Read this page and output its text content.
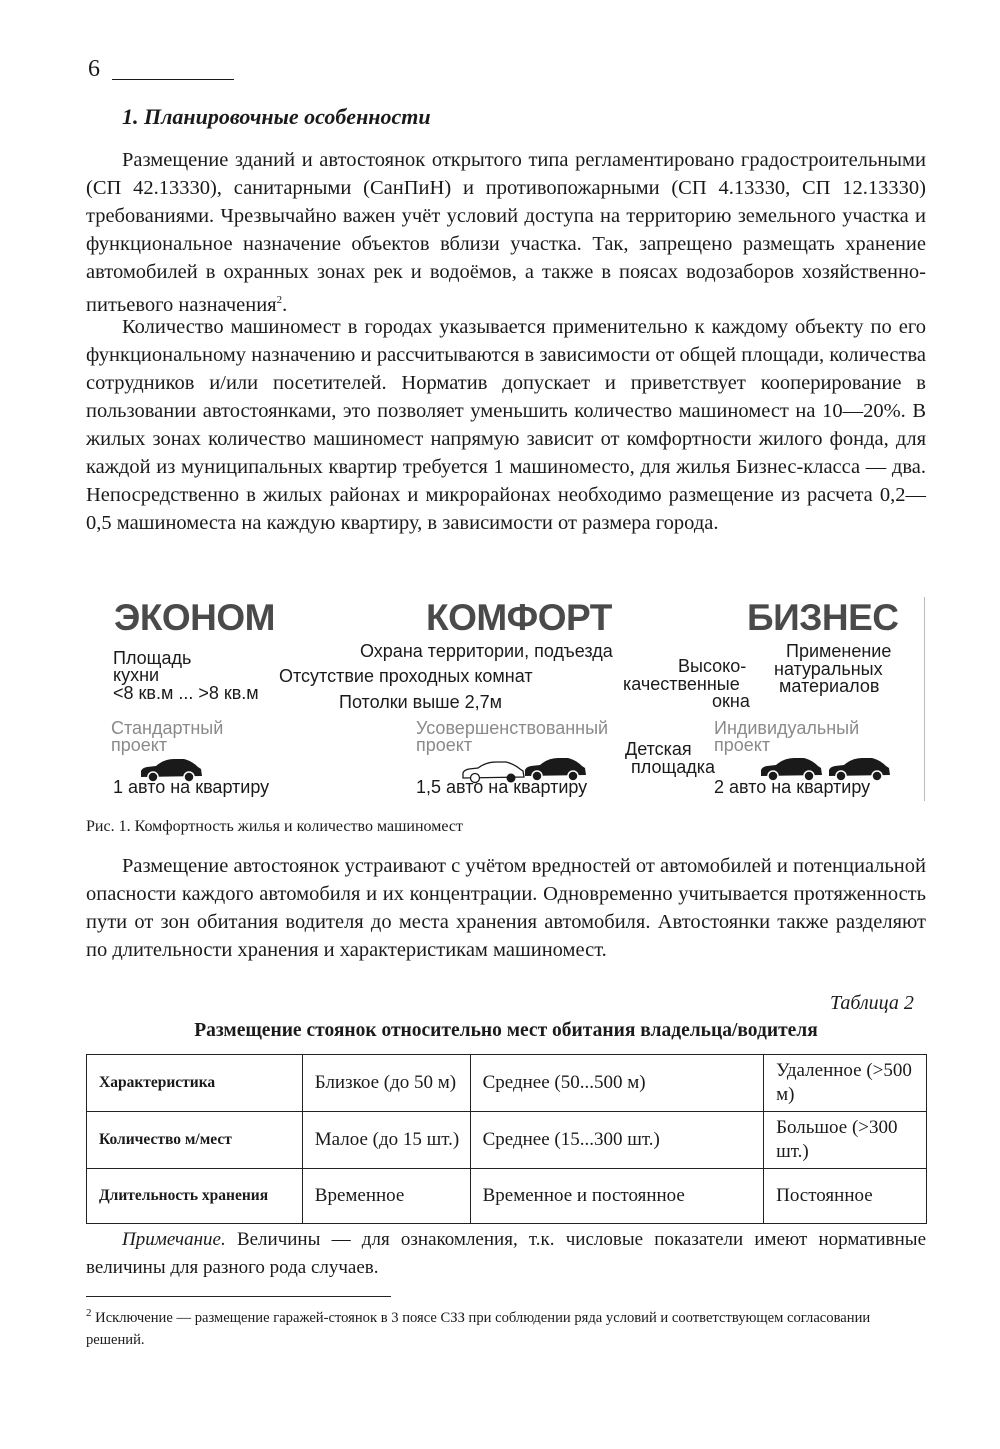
6
1. Планировочные особенности

Размещение зданий и автостоянок открытого типа регламентировано градостроительными (СП 42.13330), санитарными (СанПиН) и противопожарными (СП 4.13330, СП 12.13330) требованиями. Чрезвычайно важен учёт условий доступа на территорию земельного участка и функциональное назначение объектов вблизи участка. Так, запрещено размещать хранение автомобилей в охранных зонах рек и водоёмов, а также в поясах водозаборов хозяйственно-питьевого назначения$^2$.

Количество машиномест в городах указывается применительно к каждому объекту по его функциональному назначению и рассчитываются в зависимости от общей площади, количества сотрудников и/или посетителей. Норматив допускает и приветствует кооперирование в пользовании автостоянками, это позволяет уменьшить количество машиномест на 10—20%. В жилых зонах количество машиномест напрямую зависит от комфортности жилого фонда, для каждой из муниципальных квартир требуется 1 машиноместо, для жилья Бизнес-класса — два. Непосредственно в жилых районах и микрорайонах необходимо размещение из расчета 0,2—0,5 машиноместа на каждую квартиру, в зависимости от размера города.

ЭКОНОМ	КОМФОРТ	БИЗНЕС
Площадь
кухни
<8 кв.м ... >8 кв.м
Стандартный
проект
1 авто на квартиру
Охрана территории, подъезда
Отсутствие проходных комнат
Потолки выше 2,7м
Усовершенствованный
проект	Детская
площадка
1,5 авто на квартиру
Высоко-
качественные
окна
Применение
натуральных
материалов
Индивидуальный
проект
2 авто на квартиру
Рис. 1. Комфортность жилья и количество машиномест

Размещение автостоянок устраивают с учётом вредностей от автомобилей и потенциальной опасности каждого автомобиля и их концентрации. Одновременно учитывается протяженность пути от зон обитания водителя до места хранения автомобиля. Автостоянки также разделяют по длительности хранения и характеристикам машиномест.

Таблица 2
Размещение стоянок относительно мест обитания владельца/водителя
Характеристика	Близкое (до 50 м)	Среднее (50...500 м)	Удаленное (>500 м)
Количество м/мест	Малое (до 15 шт.)	Среднее (15...300 шт.)	Большое (>300 шт.)
Длительность хранения	Временное	Временное и постоянное	Постоянное

Примечание. Величины — для ознакомления, т.к. числовые показатели имеют нормативные величины для разного рода случаев.

$^2$ Исключение — размещение гаражей-стоянок в 3 поясе СЗЗ при соблюдении ряда условий и соответствующем согласовании решений.
